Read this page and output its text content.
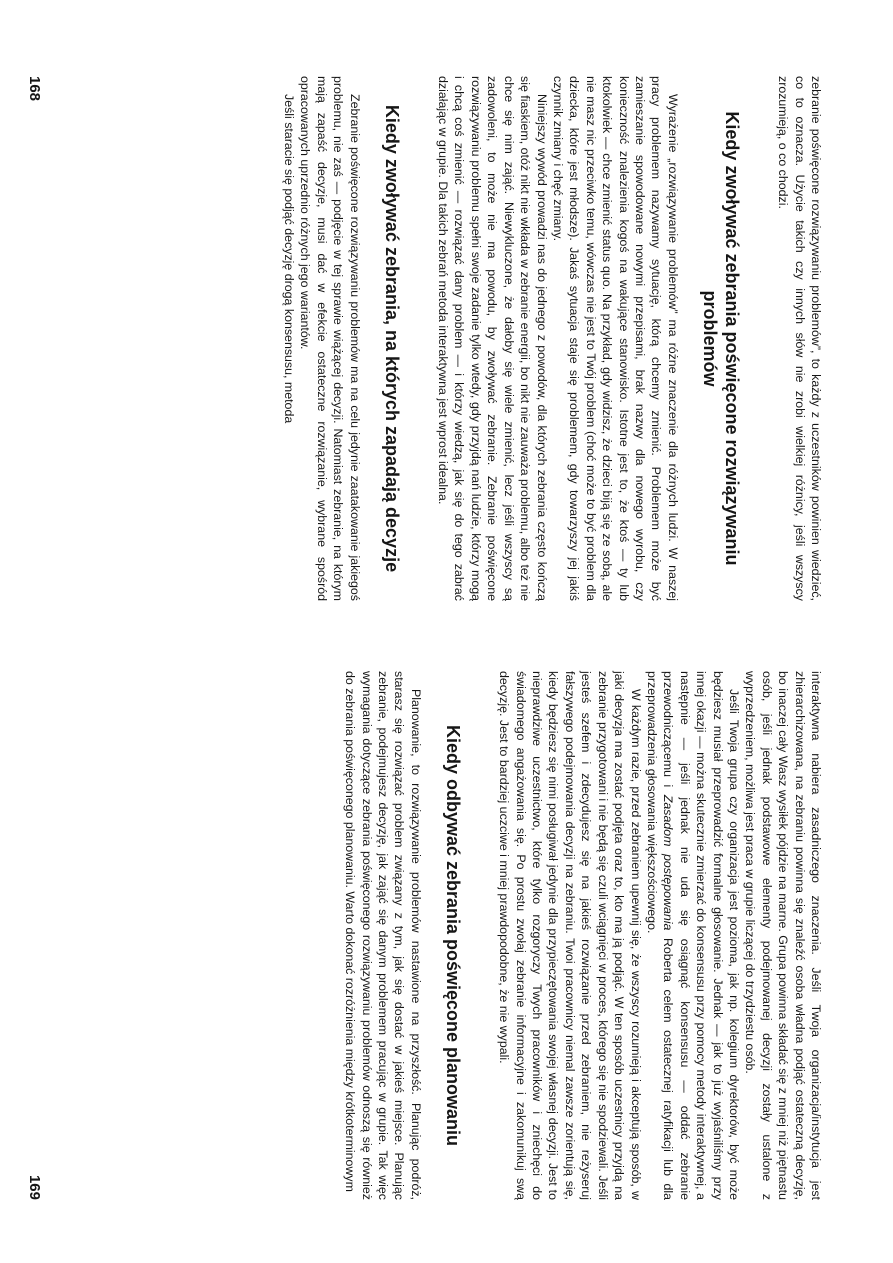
zebranie poświęcone rozwiązywaniu problemów”, to każdy z uczestników powinien wiedzieć, co to oznacza. Użycie takich czy innych słów nie zrobi wielkiej różnicy, jeśli wszyscy zrozumieją, o co chodzi.

Kiedy zwoływać zebrania poświęcone rozwiązywaniu problemów

Wyrażenie „rozwiązywanie problemów” ma różne znaczenie dla różnych ludzi. W naszej pracy problemem nazywamy sytuację, którą chcemy zmienić. Problemem może być zamieszanie spowodowane nowymi przepisami, brak nazwy dla nowego wyrobu, czy konieczność znalezienia kogoś na wakujące stanowisko. Istotne jest to, że ktoś — ty lub ktokolwiek — chce zmienić status quo. Na przykład, gdy widzisz, że dzieci biją się ze sobą, ale nie masz nic przeciwko temu, wówczas nie jest to Twój problem (choć może to być problem dla dziecka, które jest młodsze). Jakaś sytuacja staje się problemem, gdy towarzyszy jej jakiś czynnik zmiany i chęć zmiany.

Niniejszy wywód prowadzi nas do jednego z powodów, dla których zebrania często kończą się fiaskiem, otóż nikt nie wkłada w zebranie energii, bo nikt nie zauważa problemu, albo też nie chce się nim zająć. Niewykluczone, że dałoby się wiele zmienić, lecz jeśli wszyscy są zadowoleni, to może nie ma powodu, by zwoływać zebranie. Zebranie poświęcone rozwiązywaniu problemu spełni swoje zadanie tylko wtedy, gdy przyjdą nań ludzie, którzy mogą i chcą coś zmienić — rozwiązać dany problem — i którzy wiedzą, jak się do tego zabrać działając w grupie. Dla takich zebrań metoda interaktywna jest wprost idealna.

Kiedy zwoływać zebrania, na których zapadają decyzje

Zebranie poświęcone rozwiązywaniu problemów ma na celu jedynie zaatakowanie jakiegoś problemu, nie zaś — podjęcie w tej sprawie wiążącej decyzji. Natomiast zebranie, na którym mają zapaść decyzje, musi dać w efekcie ostateczne rozwiązanie, wybrane spośród opracowanych uprzednio różnych jego wariantów.

Jeśli staracie się podjąć decyzję drogą konsensusu, metoda

168

interaktywna nabiera zasadniczego znaczenia. Jeśli Twoja organizacja/instytucja jest zhierarchizowana, na zebraniu powinna się znaleźć osoba władna podjąć ostateczną decyzję, bo inaczej cały Wasz wysiłek pójdzie na marne. Grupa powinna składać się z mniej niż piętnastu osób, jeśli jednak podstawowe elementy podejmowanej decyzji zostały ustalone z wyprzedzeniem, możliwa jest praca w grupie liczącej do trzydziestu osób.

Jeśli Twoja grupa czy organizacja jest pozioma, jak np. kolegium dyrektorów, być może będziesz musiał przeprowadzić formalne głosowanie. Jednak — jak to już wyjaśniliśmy przy innej okazji — można skutecznie zmierzać do konsensusu przy pomocy metody interaktywnej, a następnie — jeśli jednak nie uda się osiągnąć konsensusu — oddać zebranie przewodniczącemu i Zasadom postępowania Roberta celem ostatecznej ratyfikacji lub dla przeprowadzenia głosowania większościowego.

W każdym razie, przed zebraniem upewnij się, że wszyscy rozumieją i akceptują sposób, w jaki decyzja ma zostać podjęta oraz to, kto ma ją podjąć. W ten sposób uczestnicy przyjdą na zebranie przygotowani i nie będą się czuli wciągnięci w proces, którego się nie spodziewali. Jeśli jesteś szefem i zdecydujesz się na jakieś rozwiązanie przed zebraniem, nie reżyseruj fałszywego podejmowania decyzji na zebraniu. Twoi pracownicy niemal zawsze zorientują się, kiedy będziesz się nimi posługiwał jedynie dla przypieczętowania swojej własnej decyzji. Jest to nieprawdziwe uczestnictwo, które tylko rozgoryczy Twych pracowników i zniechęci do świadomego angażowania się. Po prostu zwołaj zebranie informacyjne i zakomunikuj swą decyzję. Jest to bardziej uczciwe i mniej prawdopodobne, że nie wypali.

Kiedy odbywać zebrania poświęcone planowaniu

Planowanie, to rozwiązywanie problemów nastawione na przyszłość. Planując podróż, starasz się rozwiązać problem związany z tym, jak się dostać w jakieś miejsce. Planując zebranie, podejmujesz decyzję, jak zająć się danym problemem pracując w grupie. Tak więc wymagania dotyczące zebrania poświęconego rozwiązywaniu problemów odnoszą się również do zebrania poświęconego planowaniu. Warto dokonać rozróżnienia między krótkoterminowym

169
